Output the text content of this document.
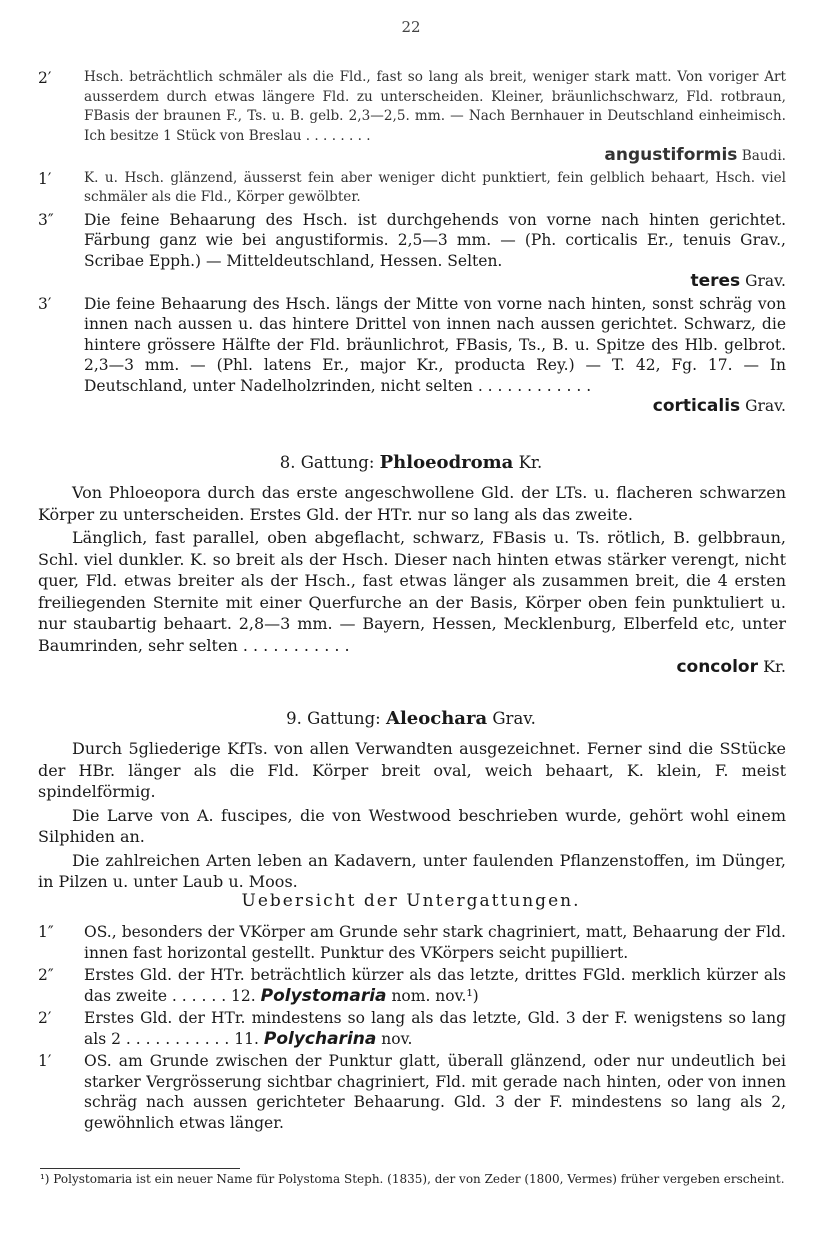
22
2′	Hsch. beträchtlich schmäler als die Fld., fast so lang als breit, weniger stark matt. Von voriger Art ausserdem durch etwas längere Fld. zu unterscheiden. Kleiner, bräunlichschwarz, Fld. rotbraun, FBasis der braunen F., Ts. u. B. gelb. 2,3—2,5. mm. — Nach Bernhauer in Deutschland einheimisch. Ich besitze 1 Stück von Breslau . . . . . . . .
angustiformis Baudi.
1′	K. u. Hsch. glänzend, äusserst fein aber weniger dicht punktiert, fein gelblich behaart, Hsch. viel schmäler als die Fld., Körper gewölbter.
3″	Die feine Behaarung des Hsch. ist durchgehends von vorne nach hinten gerichtet. Färbung ganz wie bei angustiformis. 2,5—3 mm. — (Ph. corticalis Er., tenuis Grav., Scribae Epph.) — Mitteldeutschland, Hessen. Selten.
teres Grav.
3′	Die feine Behaarung des Hsch. längs der Mitte von vorne nach hinten, sonst schräg von innen nach aussen u. das hintere Drittel von innen nach aussen gerichtet. Schwarz, die hintere grössere Hälfte der Fld. bräunlichrot, FBasis, Ts., B. u. Spitze des Hlb. gelbrot. 2,3—3 mm. — (Phl. latens Er., major Kr., producta Rey.) — T. 42, Fg. 17. — In Deutschland, unter Nadelholzrinden, nicht selten . . . . . . . . . . . .
corticalis Grav.
8. Gattung: Phloeodroma Kr.
Von Phloeopora durch das erste angeschwollene Gld. der LTs. u. flacheren schwarzen Körper zu unterscheiden. Erstes Gld. der HTr. nur so lang als das zweite.
Länglich, fast parallel, oben abgeflacht, schwarz, FBasis u. Ts. rötlich, B. gelbbraun, Schl. viel dunkler. K. so breit als der Hsch. Dieser nach hinten etwas stärker verengt, nicht quer, Fld. etwas breiter als der Hsch., fast etwas länger als zusammen breit, die 4 ersten freiliegenden Sternite mit einer Querfurche an der Basis, Körper oben fein punktuliert u. nur staubartig behaart. 2,8—3 mm. — Bayern, Hessen, Mecklenburg, Elberfeld etc, unter Baumrinden, sehr selten . . . . . . . . . . .
concolor Kr.
9. Gattung: Aleochara Grav.
Durch 5gliederige KfTs. von allen Verwandten ausgezeichnet. Ferner sind die SStücke der HBr. länger als die Fld. Körper breit oval, weich behaart, K. klein, F. meist spindelförmig.
Die Larve von A. fuscipes, die von Westwood beschrieben wurde, gehört wohl einem Silphiden an.
Die zahlreichen Arten leben an Kadavern, unter faulenden Pflanzenstoffen, im Dünger, in Pilzen u. unter Laub u. Moos.
Uebersicht der Untergattungen.
1″	OS., besonders der VKörper am Grunde sehr stark chagriniert, matt, Behaarung der Fld. innen fast horizontal gestellt. Punktur des VKörpers seicht pupilliert.
2″	Erstes Gld. der HTr. beträchtlich kürzer als das letzte, drittes FGld. merklich kürzer als das zweite . . . . . . 12. Polystomaria nom. nov.¹)
2′	Erstes Gld. der HTr. mindestens so lang als das letzte, Gld. 3 der F. wenigstens so lang als 2 . . . . . . . . . . . 11. Polycharina nov.
1′	OS. am Grunde zwischen der Punktur glatt, überall glänzend, oder nur undeutlich bei starker Vergrösserung sichtbar chagriniert, Fld. mit gerade nach hinten, oder von innen schräg nach aussen gerichteter Behaarung. Gld. 3 der F. mindestens so lang als 2, gewöhnlich etwas länger.
¹) Polystomaria ist ein neuer Name für Polystoma Steph. (1835), der von Zeder (1800, Vermes) früher vergeben erscheint.
